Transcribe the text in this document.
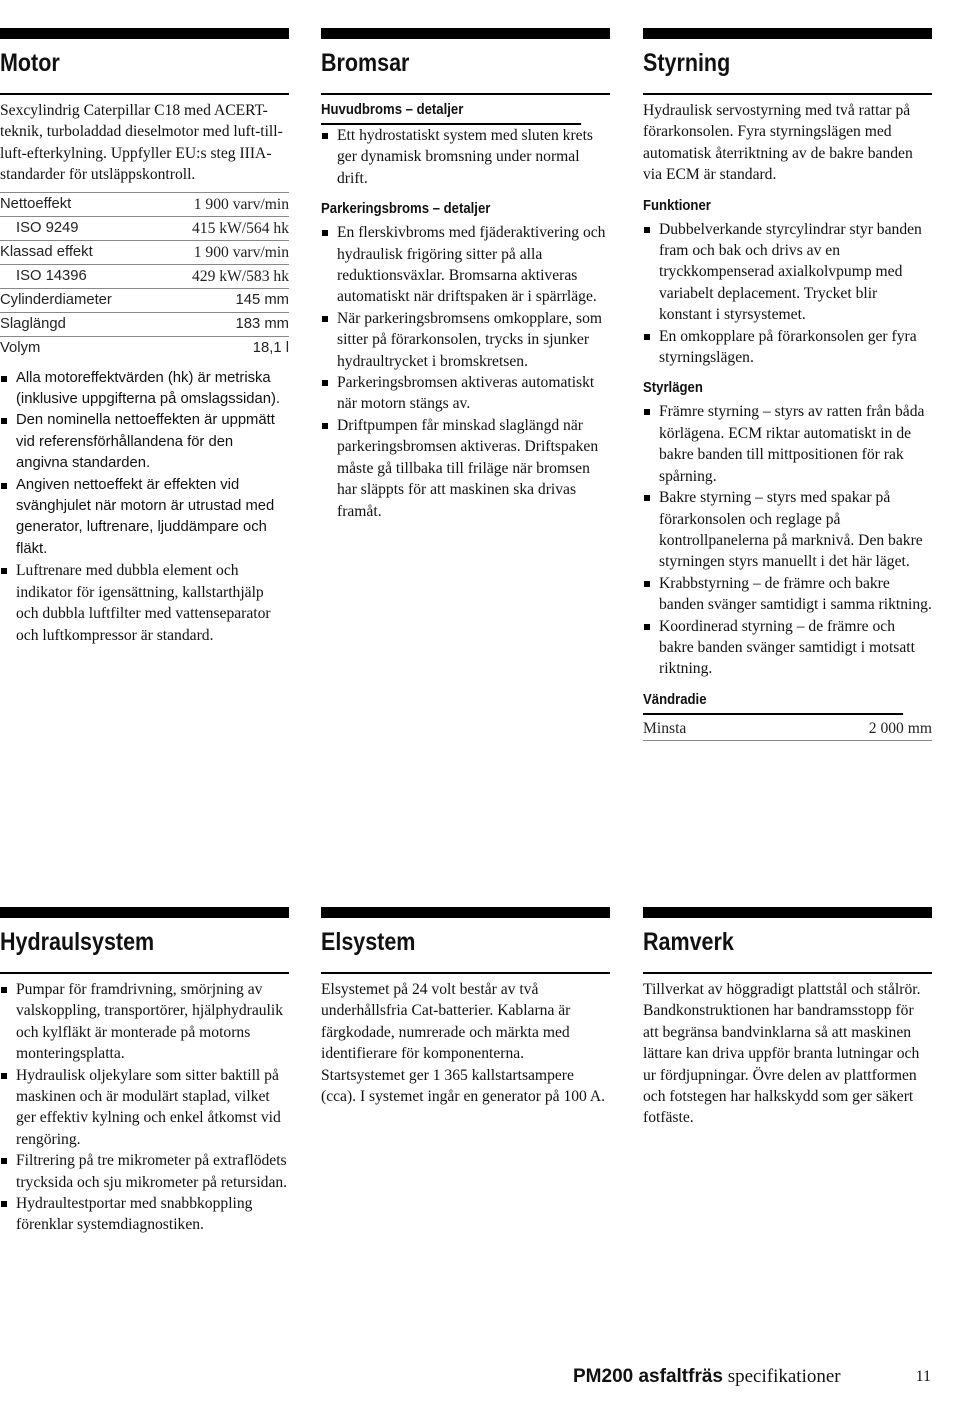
Motor

Sexcylindrig Caterpillar C18 med ACERT-teknik, turboladdad dieselmotor med luft-till-luft-efterkylning. Uppfyller EU:s steg IIIA-standarder för utsläppskontroll.

Nettoeffekt	1 900 varv/min
ISO 9249	415 kW/564 hk
Klassad effekt	1 900 varv/min
ISO 14396	429 kW/583 hk
Cylinderdiameter	145 mm
Slaglängd	183 mm
Volym	18,1 l
Alla motoreffektvärden (hk) är metriska (inklusive uppgifterna på omslagssidan).
Den nominella nettoeffekten är uppmätt vid referensförhållandena för den angivna standarden.
Angiven nettoeffekt är effekten vid svänghjulet när motorn är utrustad med generator, luftrenare, ljuddämpare och fläkt.
Luftrenare med dubbla element och indikator för igensättning, kallstarthjälp och dubbla luftfilter med vattenseparator och luftkompressor är standard.
Bromsar
Huvudbroms – detaljer
Ett hydrostatiskt system med sluten krets ger dynamisk bromsning under normal drift.
Parkeringsbroms – detaljer
En flerskivbroms med fjäderaktivering och hydraulisk frigöring sitter på alla reduktionsväxlar. Bromsarna aktiveras automatiskt när driftspaken är i spärrläge.
När parkeringsbromsens omkopplare, som sitter på förarkonsolen, trycks in sjunker hydraultrycket i bromskretsen.
Parkeringsbromsen aktiveras automatiskt när motorn stängs av.
Driftpumpen får minskad slaglängd när parkeringsbromsen aktiveras. Driftspaken måste gå tillbaka till friläge när bromsen har släppts för att maskinen ska drivas framåt.
Styrning

Hydraulisk servostyrning med två rattar på förarkonsolen. Fyra styrningslägen med automatisk återriktning av de bakre banden via ECM är standard.

Funktioner
Dubbelverkande styrcylindrar styr banden fram och bak och drivs av en tryckkompenserad axialkolvpump med variabelt deplacement. Trycket blir konstant i styrsystemet.
En omkopplare på förarkonsolen ger fyra styrningslägen.
Styrlägen
Främre styrning – styrs av ratten från båda körlägena. ECM riktar automatiskt in de bakre banden till mittpositionen för rak spårning.
Bakre styrning – styrs med spakar på förarkonsolen och reglage på kontrollpanelerna på marknivå. Den bakre styrningen styrs manuellt i det här läget.
Krabbstyrning – de främre och bakre banden svänger samtidigt i samma riktning.
Koordinerad styrning – de främre och bakre banden svänger samtidigt i motsatt riktning.
Vändradie
Minsta	2 000 mm
Hydraulsystem
Pumpar för framdrivning, smörjning av valskoppling, transportörer, hjälphydraulik och kylfläkt är monterade på motorns monteringsplatta.
Hydraulisk oljekylare som sitter baktill på maskinen och är modulärt staplad, vilket ger effektiv kylning och enkel åtkomst vid rengöring.
Filtrering på tre mikrometer på extraflödets trycksida och sju mikrometer på retursidan.
Hydraultestportar med snabbkoppling förenklar systemdiagnostiken.
Elsystem

Elsystemet på 24 volt består av två underhållsfria Cat-batterier. Kablarna är färgkodade, numrerade och märkta med identifierare för komponenterna. Startsystemet ger 1 365 kallstartsampere (cca). I systemet ingår en generator på 100 A.

Ramverk

Tillverkat av höggradigt plattstål och stålrör. Bandkonstruktionen har bandramsstopp för att begränsa bandvinklarna så att maskinen lättare kan driva uppför branta lutningar och ur fördjupningar. Övre delen av plattformen och fotstegen har halkskydd som ger säkert fotfäste.

PM200 asfaltfräs specifikationer	11
